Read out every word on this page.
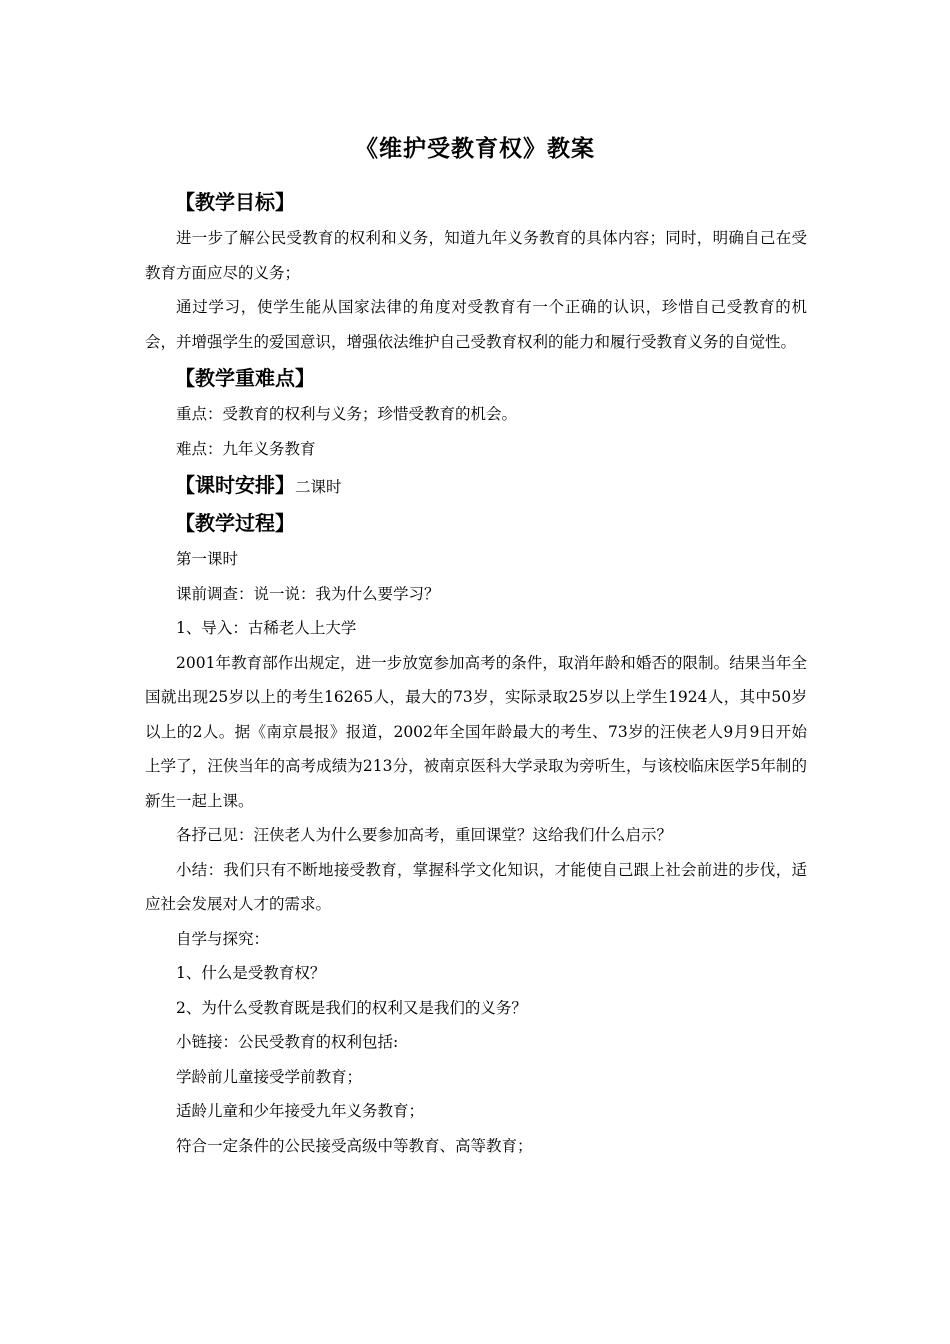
《维护受教育权》教案
【教学目标】

进一步了解公民受教育的权利和义务，知道九年义务教育的具体内容；同时，明确自己在受教育方面应尽的义务；

通过学习，使学生能从国家法律的角度对受教育有一个正确的认识，珍惜自己受教育的机会，并增强学生的爱国意识，增强依法维护自己受教育权利的能力和履行受教育义务的自觉性。

【教学重难点】
重点：受教育的权利与义务；珍惜受教育的机会。
难点：九年义务教育
【课时安排】二课时
【教学过程】
第一课时
课前调查：说一说：我为什么要学习？
1、导入：古稀老人上大学

2001年教育部作出规定，进一步放宽参加高考的条件，取消年龄和婚否的限制。结果当年全国就出现25岁以上的考生16265人，最大的73岁，实际录取25岁以上学生1924人，其中50岁以上的2人。据《南京晨报》报道，2002年全国年龄最大的考生、73岁的汪侠老人9月9日开始上学了，汪侠当年的高考成绩为213分，被南京医科大学录取为旁听生，与该校临床医学5年制的新生一起上课。

各抒己见：汪侠老人为什么要参加高考，重回课堂？这给我们什么启示？

小结：我们只有不断地接受教育，掌握科学文化知识，才能使自己跟上社会前进的步伐，适应社会发展对人才的需求。

自学与探究：
1、什么是受教育权？
2、为什么受教育既是我们的权利又是我们的义务？
小链接：公民受教育的权利包括:
学龄前儿童接受学前教育；
适龄儿童和少年接受九年义务教育；
符合一定条件的公民接受高级中等教育、高等教育；
